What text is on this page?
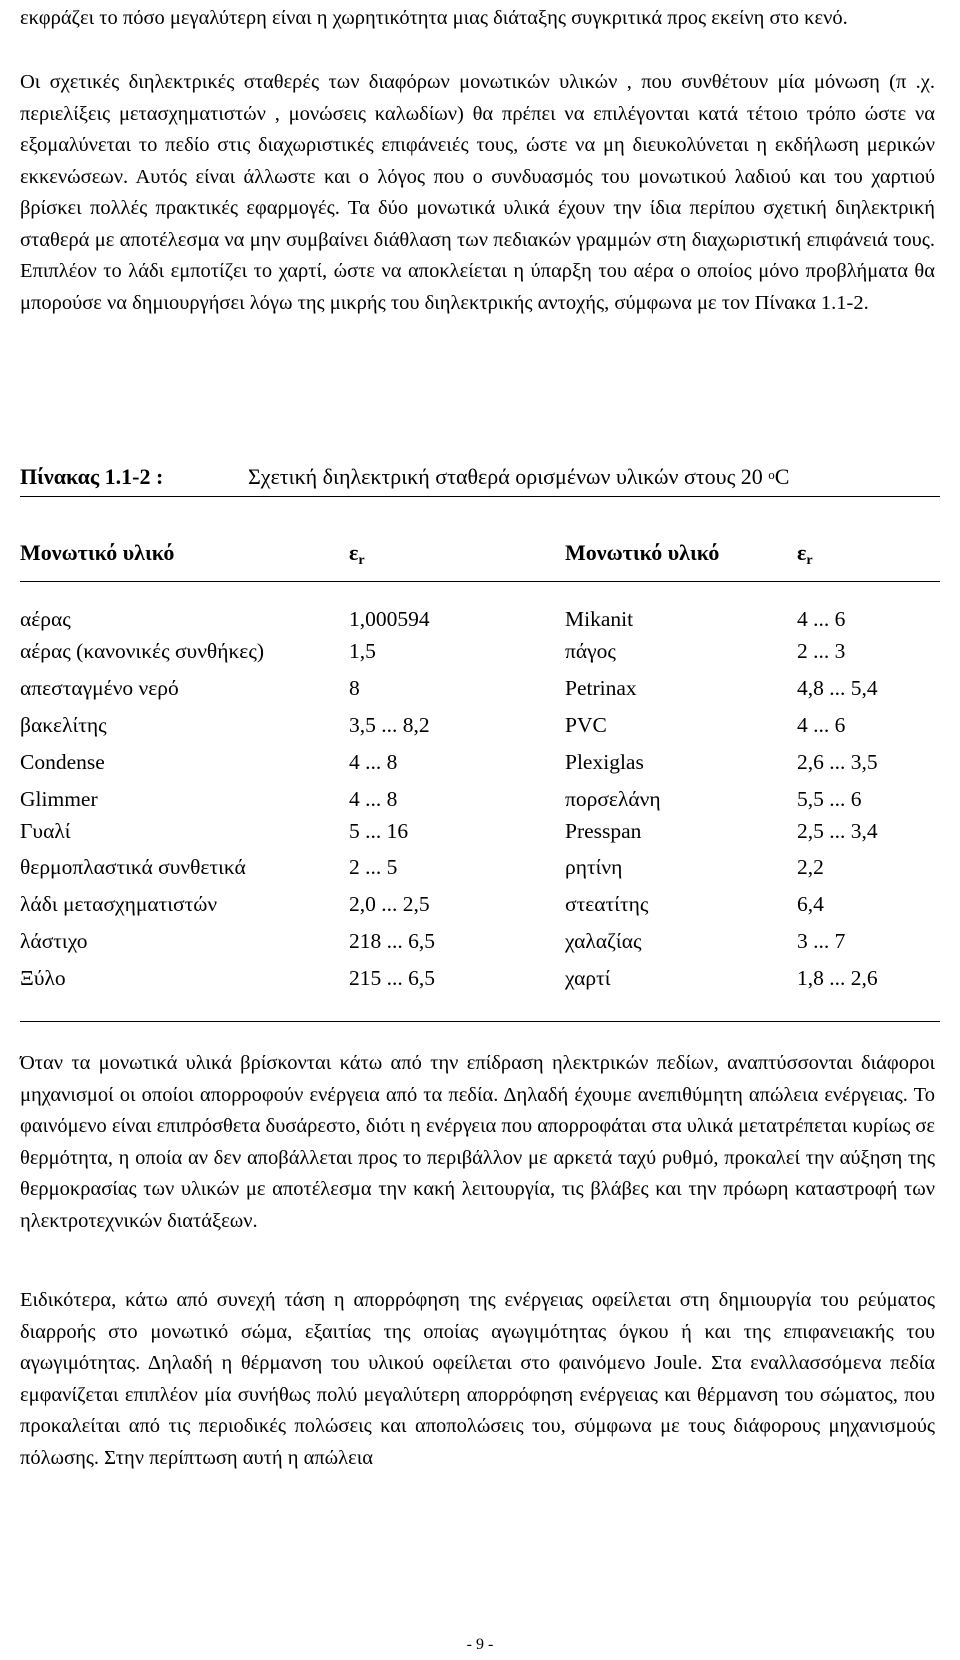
εκφράζει το πόσο μεγαλύτερη είναι η χωρητικότητα μιας διάταξης συγκριτικά προς εκείνη στο κενό.

Οι σχετικές διηλεκτρικές σταθερές των διαφόρων μονωτικών υλικών , που συνθέτουν μία μόνωση (π .χ. περιελίξεις μετασχηματιστών , μονώσεις καλωδίων) θα πρέπει να επιλέγονται κατά τέτοιο τρόπο ώστε να εξομαλύνεται το πεδίο στις διαχωριστικές επιφάνειές τους, ώστε να μη διευκολύνεται η εκδήλωση μερικών εκκενώσεων. Αυτός είναι άλλωστε και ο λόγος που ο συνδυασμός του μονωτικού λαδιού και του χαρτιού βρίσκει πολλές πρακτικές εφαρμογές. Τα δύο μονωτικά υλικά έχουν την ίδια περίπου σχετική διηλεκτρική σταθερά με αποτέλεσμα να μην συμβαίνει διάθλαση των πεδιακών γραμμών στη διαχωριστική επιφάνειά τους. Επιπλέον το λάδι εμποτίζει το χαρτί, ώστε να αποκλείεται η ύπαρξη του αέρα ο οποίος μόνο προβλήματα θα μπορούσε να δημιουργήσει λόγω της μικρής του διηλεκτρικής αντοχής, σύμφωνα με τον Πίνακα 1.1-2.

Πίνακας 1.1-2 :	Σχετική διηλεκτρική σταθερά ορισμένων υλικών στους 20 $^o$C
Μονωτικό υλικό	εr	Μονωτικό υλικό	εr
αέρας	1,000594	Mikanit	4 ... 6
αέρας (κανονικές συνθήκες)	1,5	πάγος	2 ... 3
απεσταγμένο νερό	8	Petrinax	4,8 ... 5,4
βακελίτης	3,5 ... 8,2	PVC	4 ... 6
Condense	4 ... 8	Plexiglas	2,6 ... 3,5
Glimmer	4 ... 8	πορσελάνη	5,5 ... 6
Γυαλί	5 ... 16	Presspan	2,5 ... 3,4
θερμοπλαστικά συνθετικά	2 ... 5	ρητίνη	2,2
λάδι μετασχηματιστών	2,0 ... 2,5	στεατίτης	6,4
λάστιχο	218 ... 6,5	χαλαζίας	3 ... 7
Ξύλο	215 ... 6,5	χαρτί	1,8 ... 2,6

Όταν τα μονωτικά υλικά βρίσκονται κάτω από την επίδραση ηλεκτρικών πεδίων, αναπτύσσονται διάφοροι μηχανισμοί οι οποίοι απορροφούν ενέργεια από τα πεδία. Δηλαδή έχουμε ανεπιθύμητη απώλεια ενέργειας. Το φαινόμενο είναι επιπρόσθετα δυσάρεστο, διότι η ενέργεια που απορροφάται στα υλικά μετατρέπεται κυρίως σε θερμότητα, η οποία αν δεν αποβάλλεται προς το περιβάλλον με αρκετά ταχύ ρυθμό, προκαλεί την αύξηση της θερμοκρασίας των υλικών με αποτέλεσμα την κακή λειτουργία, τις βλάβες και την πρόωρη καταστροφή των ηλεκτροτεχνικών διατάξεων.

Ειδικότερα, κάτω από συνεχή τάση η απορρόφηση της ενέργειας οφείλεται στη δημιουργία του ρεύματος διαρροής στο μονωτικό σώμα, εξαιτίας της οποίας αγωγιμότητας όγκου ή και της επιφανειακής του αγωγιμότητας. Δηλαδή η θέρμανση του υλικού οφείλεται στο φαινόμενο Joule. Στα εναλλασσόμενα πεδία εμφανίζεται επιπλέον μία συνήθως πολύ μεγαλύτερη απορρόφηση ενέργειας και θέρμανση του σώματος, που προκαλείται από τις περιοδικές πολώσεις και αποπολώσεις του, σύμφωνα με τους διάφορους μηχανισμούς πόλωσης. Στην περίπτωση αυτή η απώλεια

- 9 -
